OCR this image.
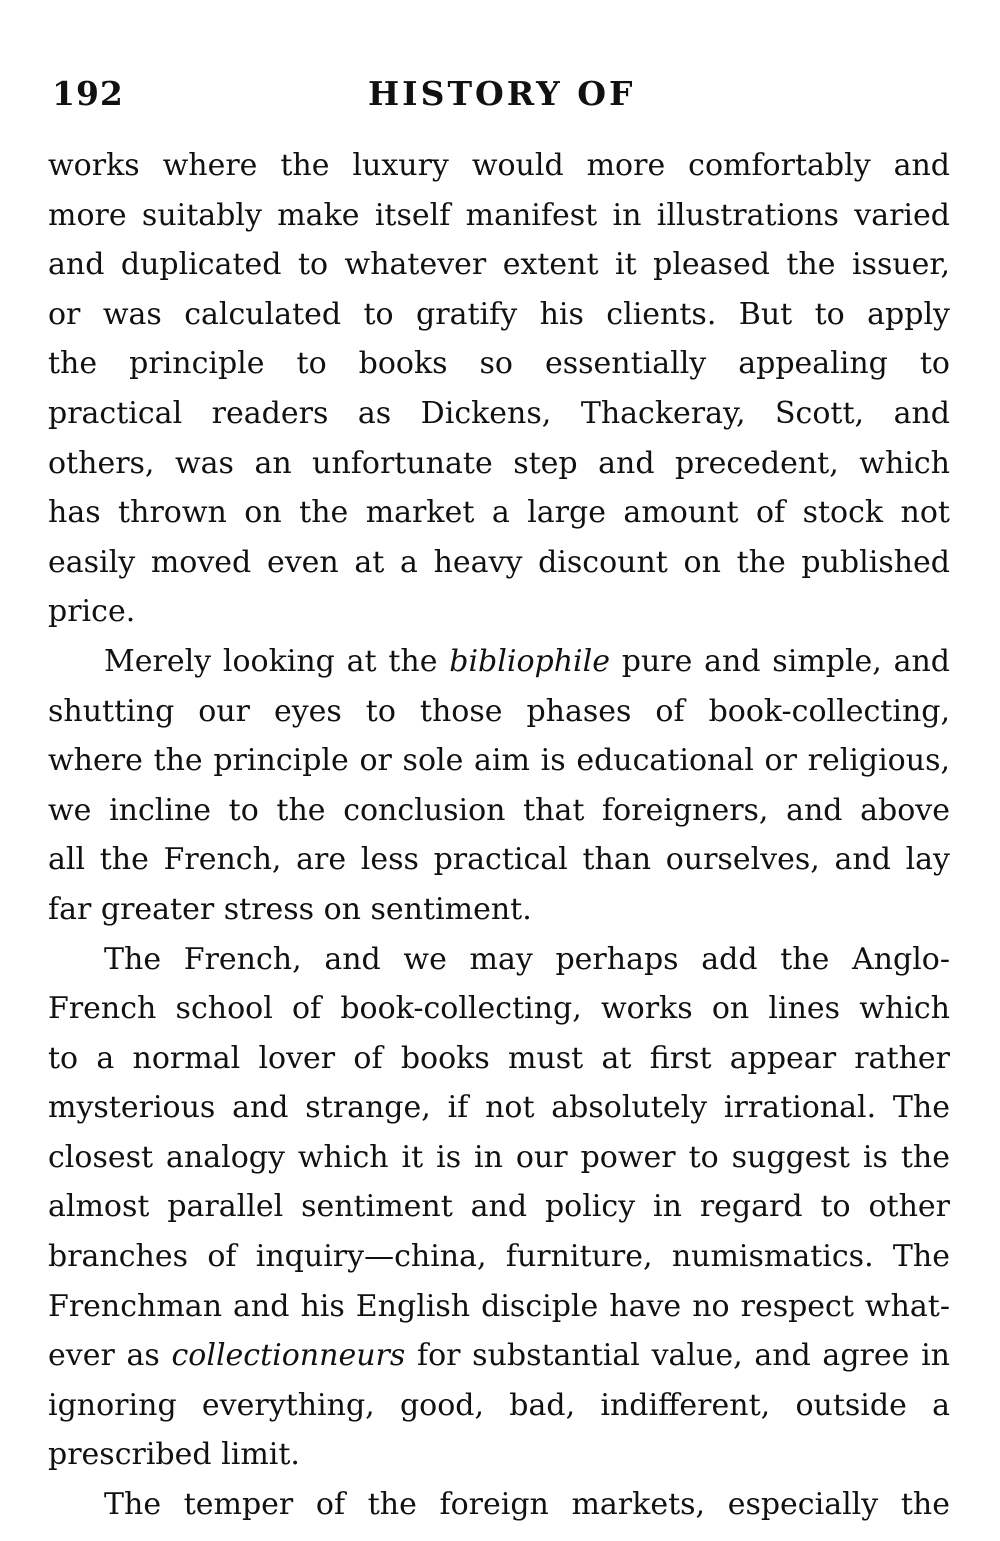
192	HISTORY OF
works where the luxury would more comfortably and
more suitably make itself manifest in illustrations varied
and duplicated to whatever extent it pleased the issuer,
or was calculated to gratify his clients. But to apply
the principle to books so essentially appealing to
practical readers as Dickens, Thackeray, Scott, and
others, was an unfortunate step and precedent, which
has thrown on the market a large amount of stock not
easily moved even at a heavy discount on the published
price.
Merely looking at the bibliophile pure and simple, and
shutting our eyes to those phases of book-collecting,
where the principle or sole aim is educational or religious,
we incline to the conclusion that foreigners, and above
all the French, are less practical than ourselves, and lay
far greater stress on sentiment.
The French, and we may perhaps add the Anglo-
French school of book-collecting, works on lines which
to a normal lover of books must at first appear rather
mysterious and strange, if not absolutely irrational. The
closest analogy which it is in our power to suggest is the
almost parallel sentiment and policy in regard to other
branches of inquiry—china, furniture, numismatics. The
Frenchman and his English disciple have no respect what-
ever as collectionneurs for substantial value, and agree in
ignoring everything, good, bad, indifferent, outside a
prescribed limit.
The temper of the foreign markets, especially the
